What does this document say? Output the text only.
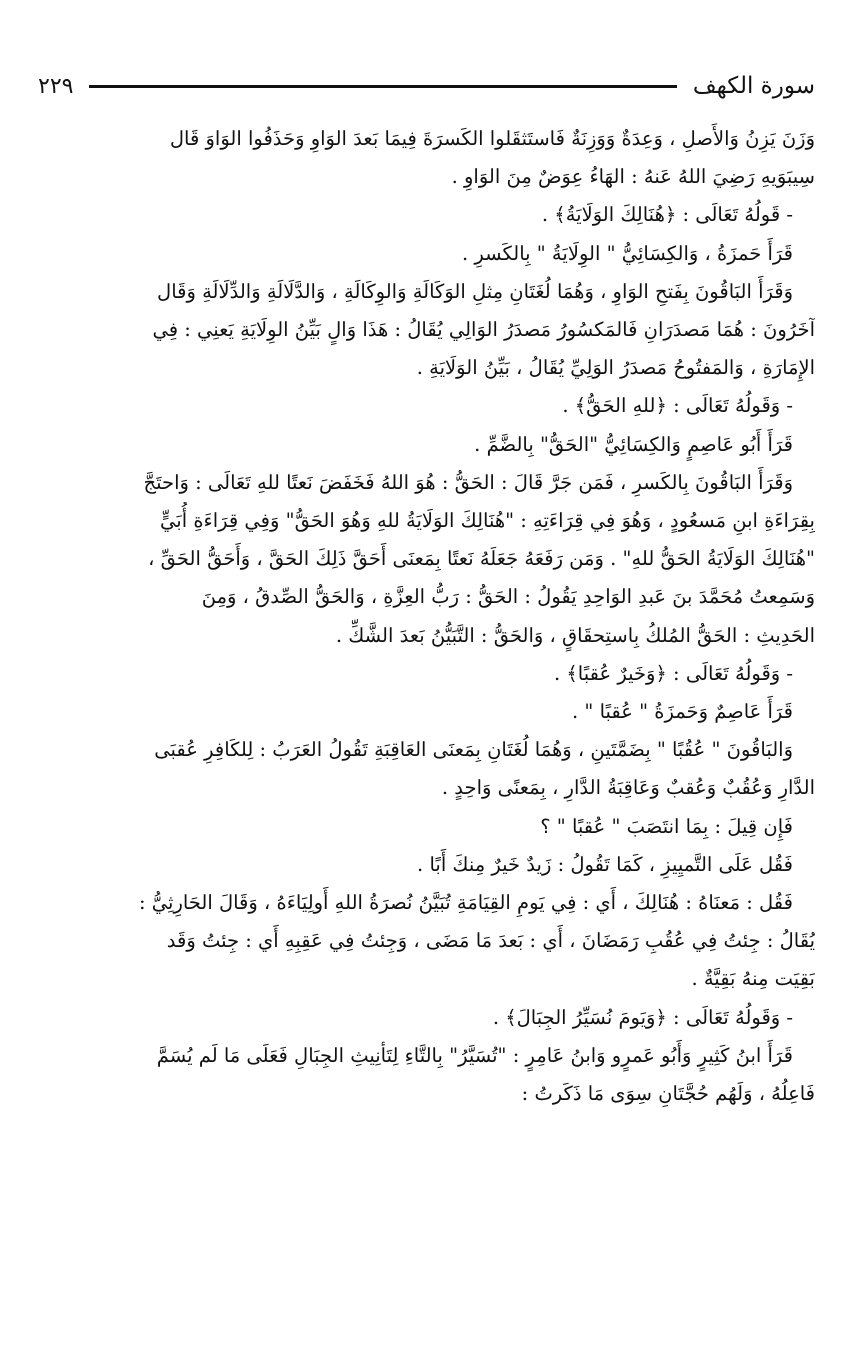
سورة الكهف
٢٢٩
وَزَنَ يَزِنُ وَالأَصلِ ، وَعِدَةٌ وَوَزِنَةٌ فَاستَثقَلوا الكَسرَةَ فِيمَا بَعدَ الوَاوِ وَحَذَفُوا الوَاوَ قَال
سِيبَوَيهِ رَضِيَ اللهُ عَنهُ : الهَاءُ عِوَضٌ مِنَ الوَاوِ .
- قَولُهُ تَعَالَى : ﴿هُنَالِكَ الوَلَايَةُ﴾ .
قَرَأَ حَمزَةُ ، وَالكِسَائِيُّ " الوِلَايَةُ " بِالكَسرِ .
وَقَرَأَ البَاقُونَ بِفَتحِ الوَاوِ ، وَهُمَا لُغَتَانِ مِثلِ الوَكَالَةِ وَالوِكَالَةِ ، وَالدَّلَالَةِ وَالدِّلَالَةِ وَقَال
آخَرُونَ : هُمَا مَصدَرَانِ فَالمَكسُورُ مَصدَرُ الوَالِي يُقَالُ : هَذَا وَالٍ بَيِّنُ الوِلَايَةِ يَعنِي : فِي
الإِمَارَةِ ، وَالمَفتُوحُ مَصدَرُ الوَلِيِّ يُقَالُ ، بَيِّنُ الوَلَايَةِ .
- وَقَولُهُ تَعَالَى : ﴿للهِ الحَقُّ﴾ .
قَرَأَ أَبُو عَاصِمٍ وَالكِسَائِيُّ "الحَقُّ" بِالضَّمِّ .
وَقَرَأَ البَاقُونَ بِالكَسرِ ، فَمَن جَرَّ قَالَ : الحَقُّ : هُوَ اللهُ فَخَفَضَ نَعتًا للهِ تَعَالَى : وَاحتَجَّ
بِقِرَاءَةِ ابنِ مَسعُودٍ ، وَهُوَ فِي قِرَاءَتِهِ : "هُنَالِكَ الوَلَايَةُ للهِ وَهُوَ الحَقُّ" وَفِي قِرَاءَةِ أُبَيٍّ
"هُنَالِكَ الوَلَايَةُ الحَقُّ للهِ" . وَمَن رَفَعَهُ جَعَلَهُ نَعتًا بِمَعنَى أَحَقَّ ذَلِكَ الحَقَّ ، وَأَحَقُّ الحَقِّ ،
وَسَمِعتُ مُحَمَّدَ بنَ عَبدِ الوَاحِدِ يَقُولُ : الحَقُّ : رَبُّ العِزَّةِ ، وَالحَقُّ الصِّدقُ ، وَمِنَ
الحَدِيثِ : الحَقُّ المُلكُ بِاستِحقَاقٍ ، وَالحَقُّ : التَّبَيُّنُ بَعدَ الشَّكِّ .
- وَقَولُهُ تَعَالَى : ﴿وَخَيرٌ عُقبًا﴾ .
قَرَأَ عَاصِمٌ وَحَمزَةُ " عُقبًا " .
وَالبَاقُونَ " عُقُبًا " بِضَمَّتَينِ ، وَهُمَا لُغَتَانِ بِمَعنَى العَاقِبَةِ تَقُولُ العَرَبُ : لِلكَافِرِ عُقبَى
الدَّارِ وَعُقُبٌ وَعُقبٌ وَعَاقِبَةُ الدَّارِ ، بِمَعنًى وَاحِدٍ .
فَإِن قِيلَ : بِمَا انتَصَبَ " عُقبًا " ؟
فَقُل عَلَى التَّميِيزِ ، كَمَا تَقُولُ : زَيدٌ خَيرٌ مِنكَ أَبًا .
فَقُل : مَعنَاهُ : هُنَالِكَ ، أَي : فِي يَومِ القِيَامَةِ تُبَيَّنُ نُصرَةُ اللهِ أَولِيَاءَهُ ، وَقَالَ الحَارِثِيُّ :
يُقَالُ : جِئتُ فِي عُقُبِ رَمَضَانَ ، أَي : بَعدَ مَا مَضَى ، وَجِئتُ فِي عَقِبِهِ أَي : جِئتُ وَقَد
بَقِيَت مِنهُ بَقِيَّةٌ .
- وَقَولُهُ تَعَالَى : ﴿وَيَومَ نُسَيِّرُ الجِبَالَ﴾ .
قَرَأَ ابنُ كَثِيرٍ وَأَبُو عَمرٍو وَابنُ عَامِرٍ : "تُسَيَّرُ" بِالتَّاءِ لِتَأنِيثِ الجِبَالِ فَعَلَى مَا لَم يُسَمَّ
فَاعِلُهُ ، وَلَهُم حُجَّتَانِ سِوَى مَا ذَكَرتُ :
